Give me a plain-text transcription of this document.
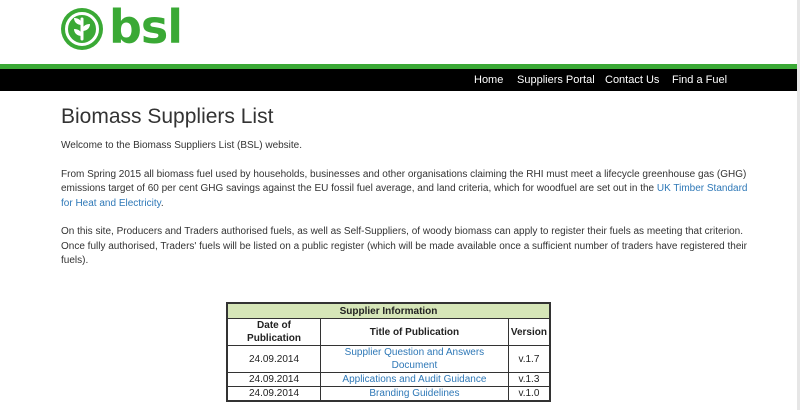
bsl
Home Suppliers Portal Contact Us Find a Fuel
Biomass Suppliers List

Welcome to the Biomass Suppliers List (BSL) website.

From Spring 2015 all biomass fuel used by households, businesses and other organisations claiming the RHI must meet a lifecycle greenhouse gas (GHG) emissions target of 60 per cent GHG savings against the EU fossil fuel average, and land criteria, which for woodfuel are set out in the UK Timber Standard for Heat and Electricity.

On this site, Producers and Traders authorised fuels, as well as Self-Suppliers, of woody biomass can apply to register their fuels as meeting that criterion. Once fully authorised, Traders' fuels will be listed on a public register (which will be made available once a sufficient number of traders have registered their fuels).

Supplier Information		
Date of Publication	Title of Publication	Version
24.09.2014	Supplier Question and Answers Document	v.1.7
24.09.2014	Applications and Audit Guidance	v.1.3
24.09.2014	Branding Guidelines	v.1.0
